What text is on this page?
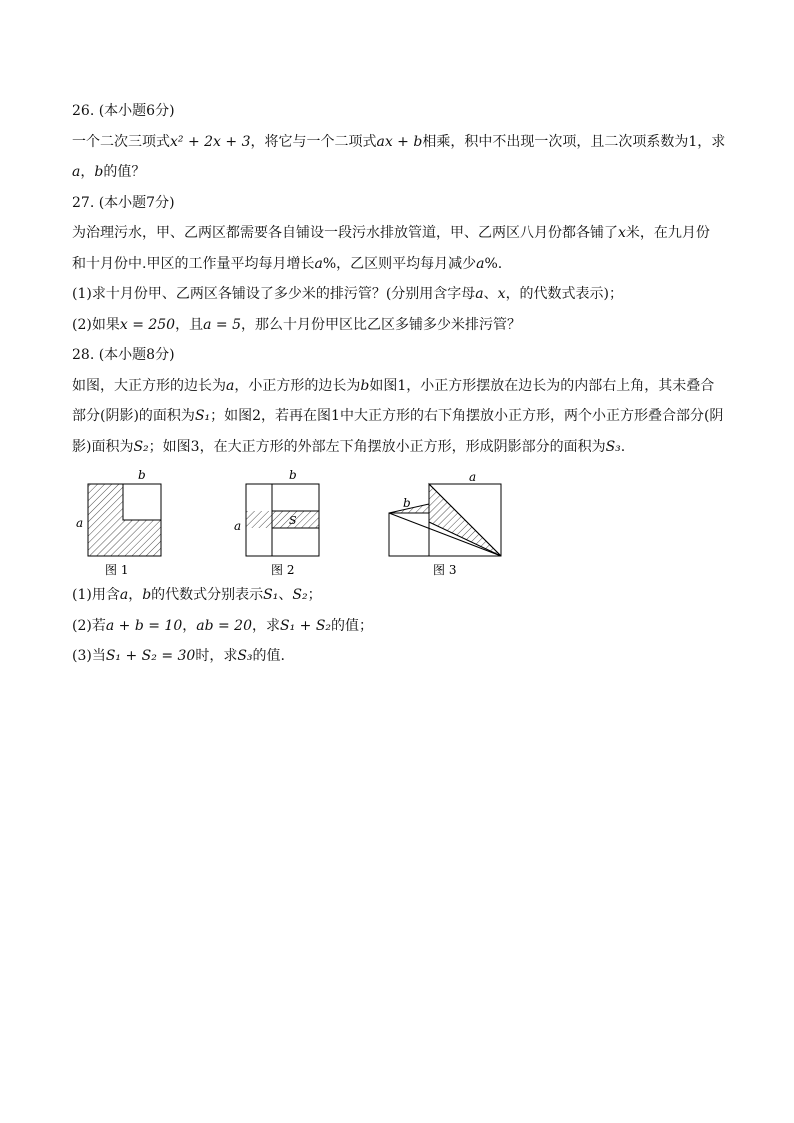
26. (本小题6分)
一个二次三项式x² + 2x + 3，将它与一个二项式ax + b相乘，积中不出现一次项，且二次项系数为1，求
a，b的值？
27. (本小题7分)
为治理污水，甲、乙两区都需要各自铺设一段污水排放管道，甲、乙两区八月份都各铺了x米，在九月份
和十月份中.甲区的工作量平均每月增长a%，乙区则平均每月减少a%.
(1)求十月份甲、乙两区各铺设了多少米的排污管？(分别用含字母a、x，的代数式表示)；
(2)如果x = 250，且a = 5，那么十月份甲区比乙区多铺多少米排污管？
28. (本小题8分)
如图，大正方形的边长为a，小正方形的边长为b如图1，小正方形摆放在边长为的内部右上角，其未叠合
部分(阴影)的面积为S₁；如图2，若再在图1中大正方形的右下角摆放小正方形，两个小正方形叠合部分(阴
影)面积为S₂；如图3，在大正方形的外部左下角摆放小正方形，形成阴影部分的面积为S₃.
b
a
图 1
S
b
a
图 2
a
b
图 3
(1)用含a，b的代数式分别表示S₁、S₂；
(2)若a + b = 10，ab = 20，求S₁ + S₂的值；
(3)当S₁ + S₂ = 30时，求S₃的值.
